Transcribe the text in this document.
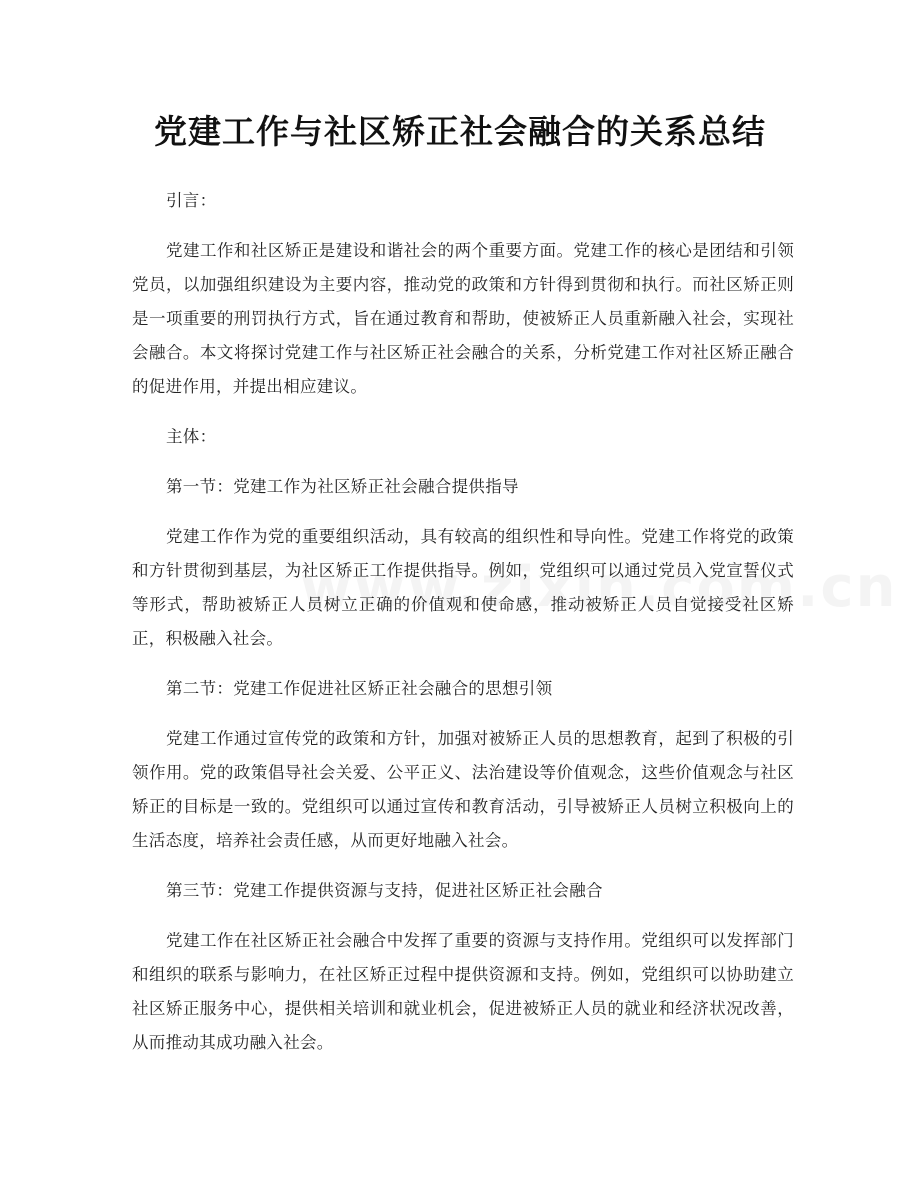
党建工作与社区矫正社会融合的关系总结

引言：

党建工作和社区矫正是建设和谐社会的两个重要方面。党建工作的核心是团结和引领党员，以加强组织建设为主要内容，推动党的政策和方针得到贯彻和执行。而社区矫正则是一项重要的刑罚执行方式，旨在通过教育和帮助，使被矫正人员重新融入社会，实现社会融合。本文将探讨党建工作与社区矫正社会融合的关系，分析党建工作对社区矫正融合的促进作用，并提出相应建议。

主体：

第一节：党建工作为社区矫正社会融合提供指导

党建工作作为党的重要组织活动，具有较高的组织性和导向性。党建工作将党的政策和方针贯彻到基层，为社区矫正工作提供指导。例如，党组织可以通过党员入党宣誓仪式等形式，帮助被矫正人员树立正确的价值观和使命感，推动被矫正人员自觉接受社区矫正，积极融入社会。

第二节：党建工作促进社区矫正社会融合的思想引领

党建工作通过宣传党的政策和方针，加强对被矫正人员的思想教育，起到了积极的引领作用。党的政策倡导社会关爱、公平正义、法治建设等价值观念，这些价值观念与社区矫正的目标是一致的。党组织可以通过宣传和教育活动，引导被矫正人员树立积极向上的生活态度，培养社会责任感，从而更好地融入社会。

第三节：党建工作提供资源与支持，促进社区矫正社会融合

党建工作在社区矫正社会融合中发挥了重要的资源与支持作用。党组织可以发挥部门和组织的联系与影响力，在社区矫正过程中提供资源和支持。例如，党组织可以协助建立社区矫正服务中心，提供相关培训和就业机会，促进被矫正人员的就业和经济状况改善，从而推动其成功融入社会。
